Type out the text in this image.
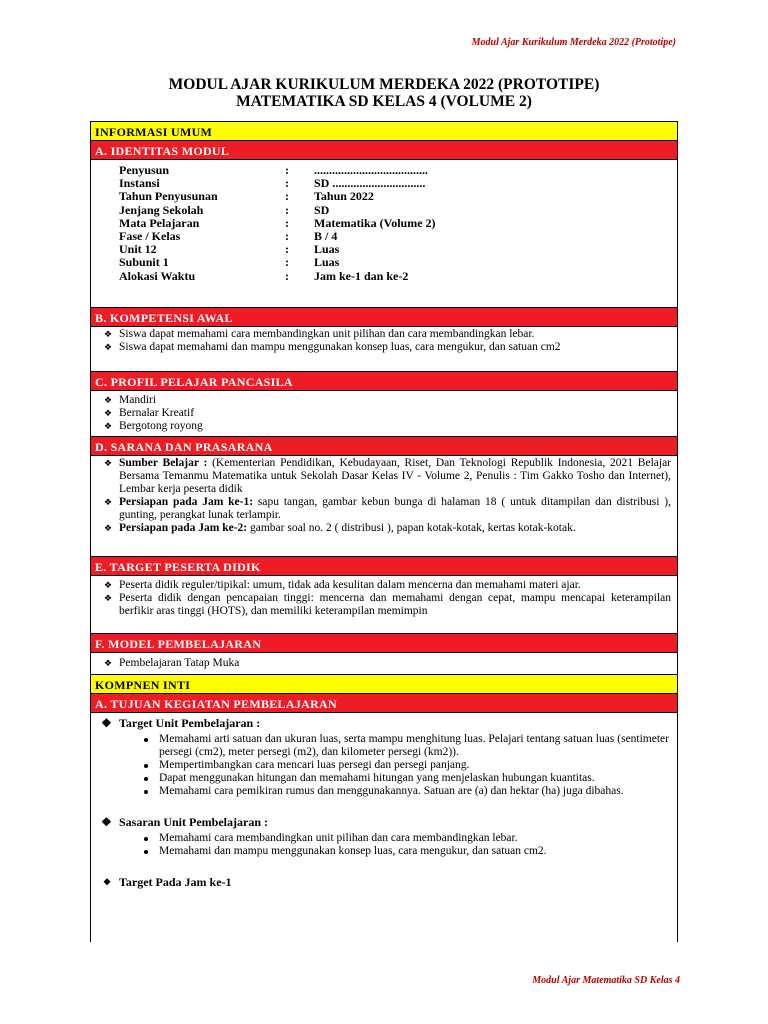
Modul Ajar Kurikulum Merdeka 2022 (Prototipe)
MODUL AJAR KURIKULUM MERDEKA 2022 (PROTOTIPE)
MATEMATIKA SD KELAS 4 (VOLUME 2)
INFORMASI UMUM
A. IDENTITAS MODUL
Penyusun	:	......................................
Instansi	:	SD ...............................
Tahun Penyusunan	:	Tahun 2022
Jenjang Sekolah	:	SD
Mata Pelajaran	:	Matematika (Volume 2)
Fase / Kelas	:	B / 4
Unit 12	:	Luas
Subunit 1	:	Luas
Alokasi Waktu	:	Jam ke-1 dan ke-2
B. KOMPETENSI AWAL
❖ Siswa dapat memahami cara membandingkan unit pilihan dan cara membandingkan lebar.
❖ Siswa dapat memahami dan mampu menggunakan konsep luas, cara mengukur, dan satuan cm2
C. PROFIL PELAJAR PANCASILA
❖ Mandiri
❖ Bernalar Kreatif
❖ Bergotong royong
D. SARANA DAN PRASARANA
❖ Sumber Belajar : (Kementerian Pendidikan, Kebudayaan, Riset, Dan Teknologi Republik Indonesia, 2021 Belajar Bersama Temanmu Matematika untuk Sekolah Dasar Kelas IV - Volume 2, Penulis : Tim Gakko Tosho dan Internet), Lembar kerja peserta didik
❖ Persiapan pada Jam ke-1: sapu tangan, gambar kebun bunga di halaman 18 ( untuk ditampilan dan distribusi ), gunting, perangkat lunak terlampir.
❖ Persiapan pada Jam ke-2: gambar soal no. 2 ( distribusi ), papan kotak-kotak, kertas kotak-kotak.
E. TARGET PESERTA DIDIK
❖ Peserta didik reguler/tipikal: umum, tidak ada kesulitan dalam mencerna dan memahami materi ajar.
❖ Peserta didik dengan pencapaian tinggi: mencerna dan memahami dengan cepat, mampu mencapai keterampilan berfikir aras tinggi (HOTS), dan memiliki keterampilan memimpin
F. MODEL PEMBELAJARAN
❖ Pembelajaran Tatap Muka
KOMPNEN INTI
A. TUJUAN KEGIATAN PEMBELAJARAN
❖ Target Unit Pembelajaran :
Memahami arti satuan dan ukuran luas, serta mampu menghitung luas. Pelajari tentang satuan luas (sentimeter persegi (cm2), meter persegi (m2), dan kilometer persegi (km2)).
Mempertimbangkan cara mencari luas persegi dan persegi panjang.
Dapat menggunakan hitungan dan memahami hitungan yang menjelaskan hubungan kuantitas.
Memahami cara pemikiran rumus dan menggunakannya. Satuan are (a) dan hektar (ha) juga dibahas.
❖ Sasaran Unit Pembelajaran :
Memahami cara membandingkan unit pilihan dan cara membandingkan lebar.
Memahami dan mampu menggunakan konsep luas, cara mengukur, dan satuan cm2.
❖ Target Pada Jam ke-1
Modul Ajar Matematika SD Kelas 4
